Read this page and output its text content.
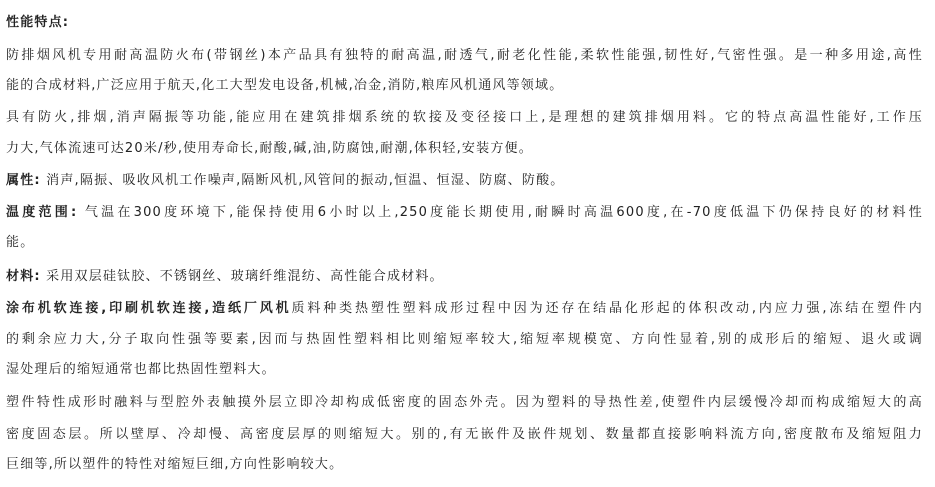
性能特点:
防排烟风机专用耐高温防火布(带钢丝)本产品具有独特的耐高温,耐透气,耐老化性能,柔软性能强,韧性好,气密性强。是一种多用途,高性
能的合成材料,广泛应用于航天,化工大型发电设备,机械,冶金,消防,粮库风机通风等领域。
具有防火,排烟,消声隔振等功能,能应用在建筑排烟系统的软接及变径接口上,是理想的建筑排烟用料。它的特点高温性能好,工作压
力大,气体流速可达20米/秒,使用寿命长,耐酸,碱,油,防腐蚀,耐潮,体积轻,安装方便。
属性: 消声,隔振、吸收风机工作噪声,隔断风机,风管间的振动,恒温、恒湿、防腐、防酸。
温度范围: 气温在300度环境下,能保持使用6小时以上,250度能长期使用,耐瞬时高温600度,在-70度低温下仍保持良好的材料性
能。
材料: 采用双层硅钛胶、不锈钢丝、玻璃纤维混纺、高性能合成材料。
涂布机软连接,印刷机软连接,造纸厂风机质料种类热塑性塑料成形过程中因为还存在结晶化形起的体积改动,内应力强,冻结在塑件内
的剩余应力大,分子取向性强等要素,因而与热固性塑料相比则缩短率较大,缩短率规模宽、方向性显着,别的成形后的缩短、退火或调
湿处理后的缩短通常也都比热固性塑料大。
塑件特性成形时融料与型腔外表触摸外层立即冷却构成低密度的固态外壳。因为塑料的导热性差,使塑件内层缓慢冷却而构成缩短大的高
密度固态层。所以壁厚、冷却慢、高密度层厚的则缩短大。别的,有无嵌件及嵌件规划、数量都直接影响料流方向,密度散布及缩短阻力
巨细等,所以塑件的特性对缩短巨细,方向性影响较大。
